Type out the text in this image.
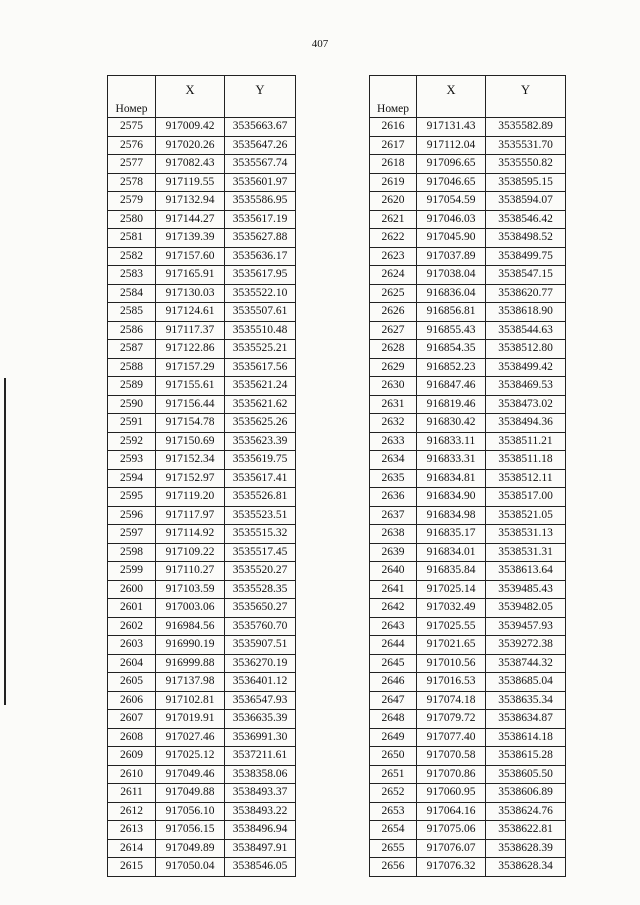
407
Номер	X	Y
2575	917009.42	3535663.67
2576	917020.26	3535647.26
2577	917082.43	3535567.74
2578	917119.55	3535601.97
2579	917132.94	3535586.95
2580	917144.27	3535617.19
2581	917139.39	3535627.88
2582	917157.60	3535636.17
2583	917165.91	3535617.95
2584	917130.03	3535522.10
2585	917124.61	3535507.61
2586	917117.37	3535510.48
2587	917122.86	3535525.21
2588	917157.29	3535617.56
2589	917155.61	3535621.24
2590	917156.44	3535621.62
2591	917154.78	3535625.26
2592	917150.69	3535623.39
2593	917152.34	3535619.75
2594	917152.97	3535617.41
2595	917119.20	3535526.81
2596	917117.97	3535523.51
2597	917114.92	3535515.32
2598	917109.22	3535517.45
2599	917110.27	3535520.27
2600	917103.59	3535528.35
2601	917003.06	3535650.27
2602	916984.56	3535760.70
2603	916990.19	3535907.51
2604	916999.88	3536270.19
2605	917137.98	3536401.12
2606	917102.81	3536547.93
2607	917019.91	3536635.39
2608	917027.46	3536991.30
2609	917025.12	3537211.61
2610	917049.46	3538358.06
2611	917049.88	3538493.37
2612	917056.10	3538493.22
2613	917056.15	3538496.94
2614	917049.89	3538497.91
2615	917050.04	3538546.05
Номер	X	Y
2616	917131.43	3535582.89
2617	917112.04	3535531.70
2618	917096.65	3535550.82
2619	917046.65	3538595.15
2620	917054.59	3538594.07
2621	917046.03	3538546.42
2622	917045.90	3538498.52
2623	917037.89	3538499.75
2624	917038.04	3538547.15
2625	916836.04	3538620.77
2626	916856.81	3538618.90
2627	916855.43	3538544.63
2628	916854.35	3538512.80
2629	916852.23	3538499.42
2630	916847.46	3538469.53
2631	916819.46	3538473.02
2632	916830.42	3538494.36
2633	916833.11	3538511.21
2634	916833.31	3538511.18
2635	916834.81	3538512.11
2636	916834.90	3538517.00
2637	916834.98	3538521.05
2638	916835.17	3538531.13
2639	916834.01	3538531.31
2640	916835.84	3538613.64
2641	917025.14	3539485.43
2642	917032.49	3539482.05
2643	917025.55	3539457.93
2644	917021.65	3539272.38
2645	917010.56	3538744.32
2646	917016.53	3538685.04
2647	917074.18	3538635.34
2648	917079.72	3538634.87
2649	917077.40	3538614.18
2650	917070.58	3538615.28
2651	917070.86	3538605.50
2652	917060.95	3538606.89
2653	917064.16	3538624.76
2654	917075.06	3538622.81
2655	917076.07	3538628.39
2656	917076.32	3538628.34
